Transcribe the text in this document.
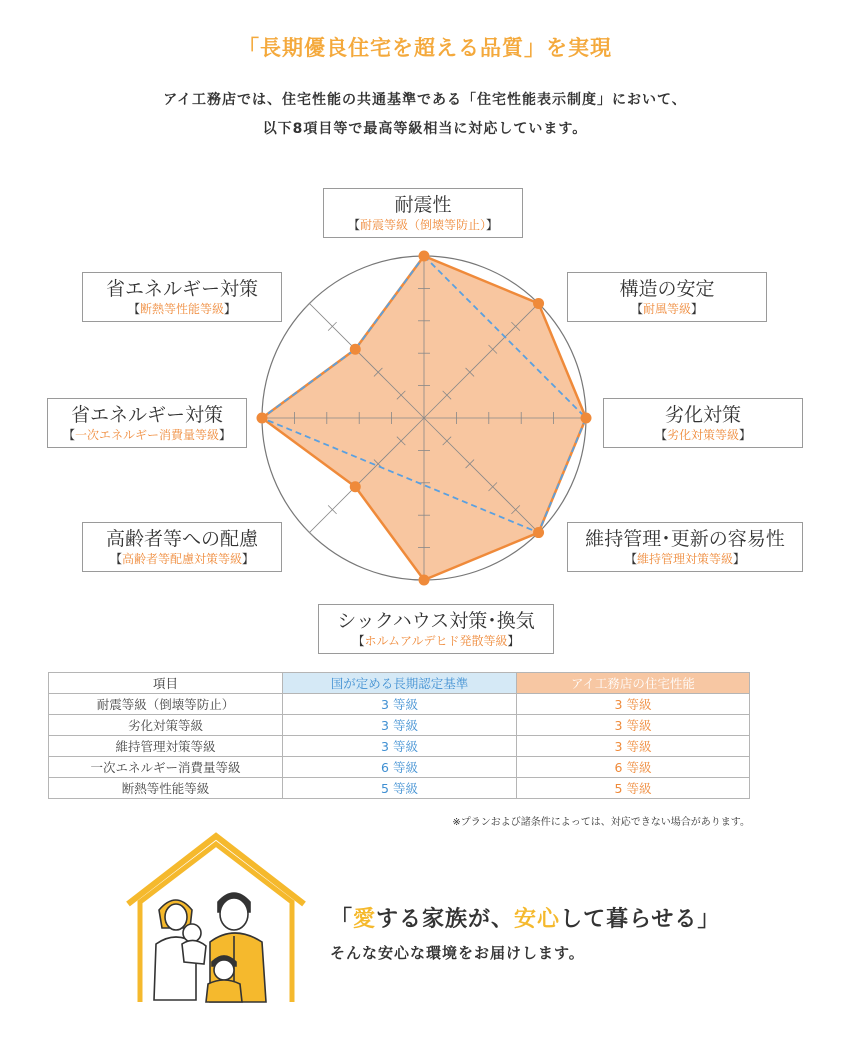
「長期優良住宅を超える品質」を実現
アイ工務店では、住宅性能の共通基準である「住宅性能表示制度」において、
以下8項目等で最高等級相当に対応しています。
耐震性
【耐震等級（倒壊等防止）】
構造の安定
【耐風等級】
劣化対策
【劣化対策等級】
維持管理･更新の容易性
【維持管理対策等級】
シックハウス対策･換気
【ホルムアルデヒド発散等級】
高齢者等への配慮
【高齢者等配慮対策等級】
省エネルギー対策
【一次エネルギー消費量等級】
省エネルギー対策
【断熱等性能等級】
項目	国が定める長期認定基準	アイ工務店の住宅性能
耐震等級（倒壊等防止）	3 等級	3 等級
劣化対策等級	3 等級	3 等級
維持管理対策等級	3 等級	3 等級
一次エネルギー消費量等級	6 等級	6 等級
断熱等性能等級	5 等級	5 等級
※プランおよび諸条件によっては、対応できない場合があります。
「愛する家族が、安心して暮らせる」
そんな安心な環境をお届けします。
